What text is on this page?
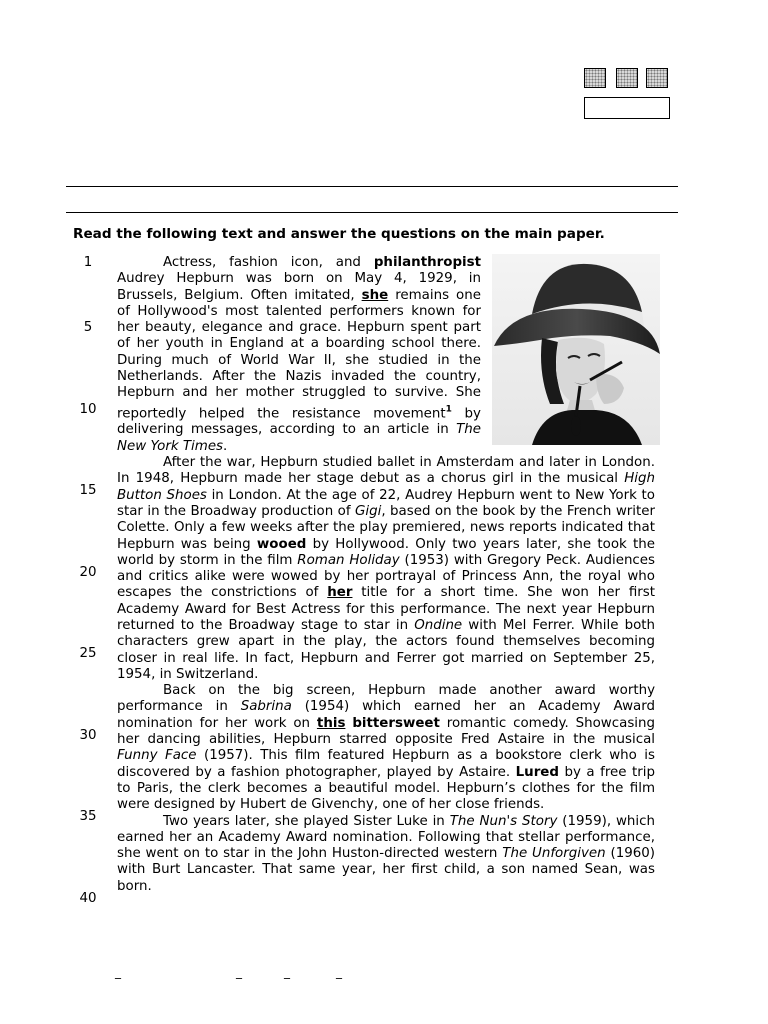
Read the following text and answer the questions on the main paper.
1
5
10
15
20
25
30
35
40
Actress, fashion icon, and philanthropist Audrey Hepburn was born on May 4, 1929, in Brussels, Belgium. Often imitated, she remains one of Hollywood's most talented performers known for her beauty, elegance and grace. Hepburn spent part of her youth in England at a boarding school there. During much of World War II, she studied in the Netherlands. After the Nazis invaded the country, Hepburn and her mother struggled to survive. She reportedly helped the resistance movement$^1$ by delivering messages, according to an article in The New York Times.
After the war, Hepburn studied ballet in Amsterdam and later in London. In 1948, Hepburn made her stage debut as a chorus girl in the musical High Button Shoes in London. At the age of 22, Audrey Hepburn went to New York to star in the Broadway production of Gigi, based on the book by the French writer Colette. Only a few weeks after the play premiered, news reports indicated that Hepburn was being wooed by Hollywood. Only two years later, she took the world by storm in the film Roman Holiday (1953) with Gregory Peck. Audiences and critics alike were wowed by her portrayal of Princess Ann, the royal who escapes the constrictions of her title for a short time. She won her first Academy Award for Best Actress for this performance. The next year Hepburn returned to the Broadway stage to star in Ondine with Mel Ferrer. While both characters grew apart in the play, the actors found themselves becoming closer in real life. In fact, Hepburn and Ferrer got married on September 25, 1954, in Switzerland.
Back on the big screen, Hepburn made another award worthy performance in Sabrina (1954) which earned her an Academy Award nomination for her work on this bittersweet romantic comedy. Showcasing her dancing abilities, Hepburn starred opposite Fred Astaire in the musical Funny Face (1957). This film featured Hepburn as a bookstore clerk who is discovered by a fashion photographer, played by Astaire. Lured by a free trip to Paris, the clerk becomes a beautiful model. Hepburn’s clothes for the film were designed by Hubert de Givenchy, one of her close friends.
Two years later, she played Sister Luke in The Nun's Story (1959), which earned her an Academy Award nomination. Following that stellar performance, she went on to star in the John Huston-directed western The Unforgiven (1960) with Burt Lancaster. That same year, her first child, a son named Sean, was born.
_	_	_	_
